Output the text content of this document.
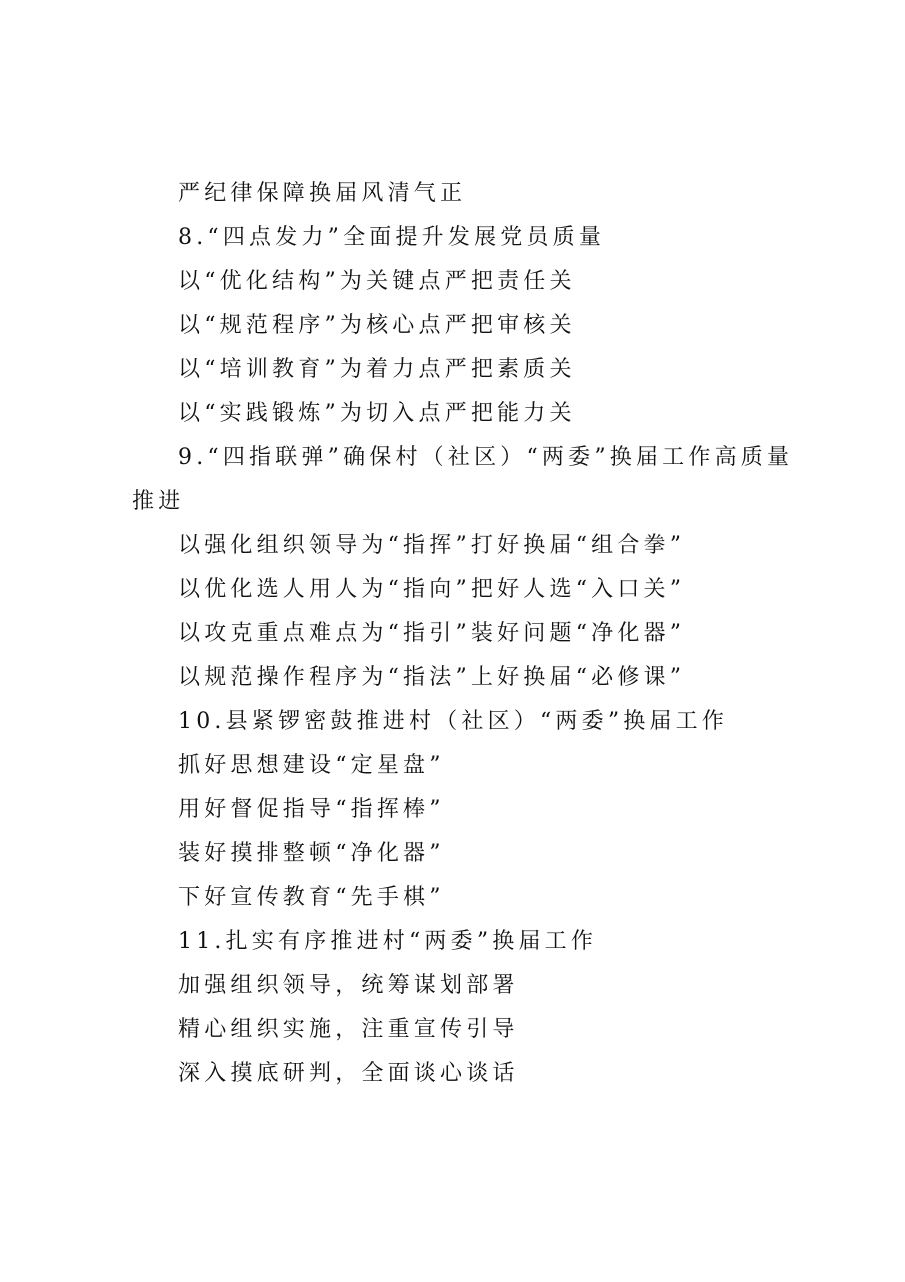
严纪律保障换届风清气正
8.“四点发力”全面提升发展党员质量
以“优化结构”为关键点严把责任关
以“规范程序”为核心点严把审核关
以“培训教育”为着力点严把素质关
以“实践锻炼”为切入点严把能力关
9.“四指联弹”确保村（社区）“两委”换届工作高质量
推进
以强化组织领导为“指挥”打好换届“组合拳”
以优化选人用人为“指向”把好人选“入口关”
以攻克重点难点为“指引”装好问题“净化器”
以规范操作程序为“指法”上好换届“必修课”
10.县紧锣密鼓推进村（社区）“两委”换届工作
抓好思想建设“定星盘”
用好督促指导“指挥棒”
装好摸排整顿“净化器”
下好宣传教育“先手棋”
11.扎实有序推进村“两委”换届工作
加强组织领导，统筹谋划部署
精心组织实施，注重宣传引导
深入摸底研判，全面谈心谈话
